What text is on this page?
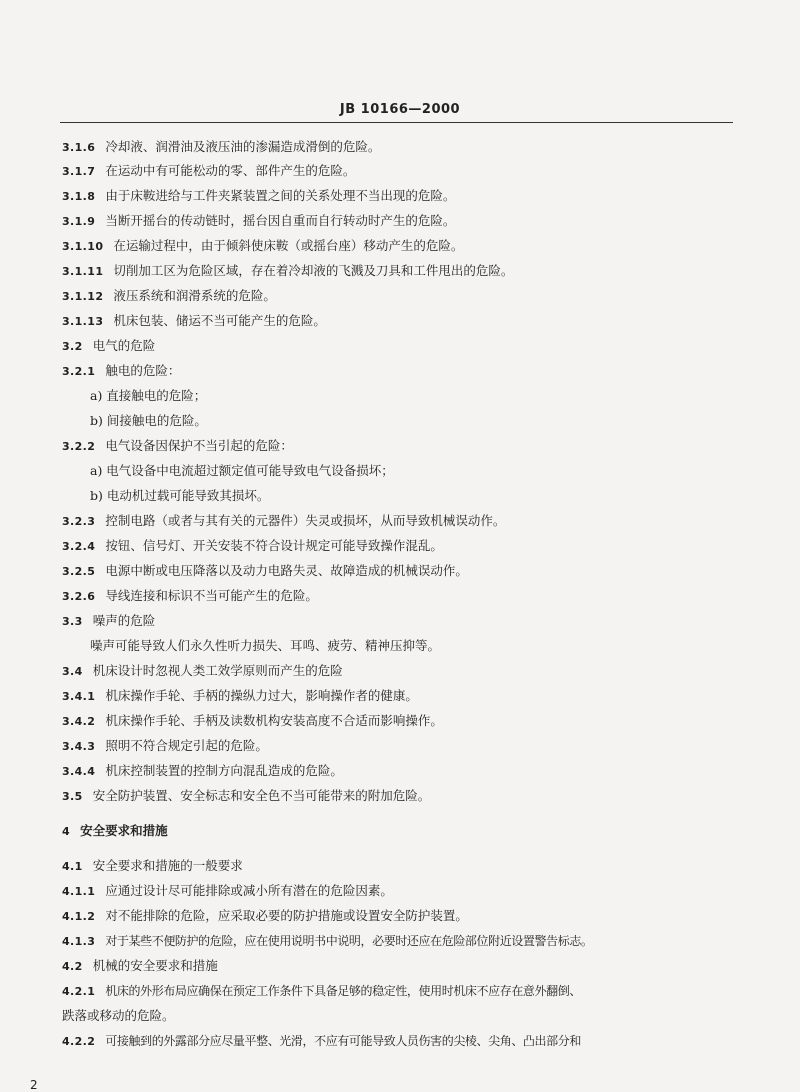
JB 10166—2000
3.1.6 冷却液、润滑油及液压油的渗漏造成滑倒的危险。
3.1.7 在运动中有可能松动的零、部件产生的危险。
3.1.8 由于床鞍进给与工件夹紧装置之间的关系处理不当出现的危险。
3.1.9 当断开摇台的传动链时，摇台因自重而自行转动时产生的危险。
3.1.10 在运输过程中，由于倾斜使床鞍（或摇台座）移动产生的危险。
3.1.11 切削加工区为危险区域，存在着冷却液的飞溅及刀具和工件甩出的危险。
3.1.12 液压系统和润滑系统的危险。
3.1.13 机床包装、储运不当可能产生的危险。
3.2 电气的危险
3.2.1 触电的危险：
a) 直接触电的危险；
b) 间接触电的危险。
3.2.2 电气设备因保护不当引起的危险：
a) 电气设备中电流超过额定值可能导致电气设备损坏；
b) 电动机过载可能导致其损坏。
3.2.3 控制电路（或者与其有关的元器件）失灵或损坏，从而导致机械误动作。
3.2.4 按钮、信号灯、开关安装不符合设计规定可能导致操作混乱。
3.2.5 电源中断或电压降落以及动力电路失灵、故障造成的机械误动作。
3.2.6 导线连接和标识不当可能产生的危险。
3.3 噪声的危险
噪声可能导致人们永久性听力损失、耳鸣、疲劳、精神压抑等。
3.4 机床设计时忽视人类工效学原则而产生的危险
3.4.1 机床操作手轮、手柄的操纵力过大，影响操作者的健康。
3.4.2 机床操作手轮、手柄及读数机构安装高度不合适而影响操作。
3.4.3 照明不符合规定引起的危险。
3.4.4 机床控制装置的控制方向混乱造成的危险。
3.5 安全防护装置、安全标志和安全色不当可能带来的附加危险。
4 安全要求和措施
4.1 安全要求和措施的一般要求
4.1.1 应通过设计尽可能排除或减小所有潜在的危险因素。
4.1.2 对不能排除的危险，应采取必要的防护措施或设置安全防护装置。
4.1.3 对于某些不便防护的危险，应在使用说明书中说明，必要时还应在危险部位附近设置警告标志。
4.2 机械的安全要求和措施
4.2.1 机床的外形布局应确保在预定工作条件下具备足够的稳定性，使用时机床不应存在意外翻倒、
跌落或移动的危险。
4.2.2 可接触到的外露部分应尽量平整、光滑，不应有可能导致人员伤害的尖棱、尖角、凸出部分和
2
